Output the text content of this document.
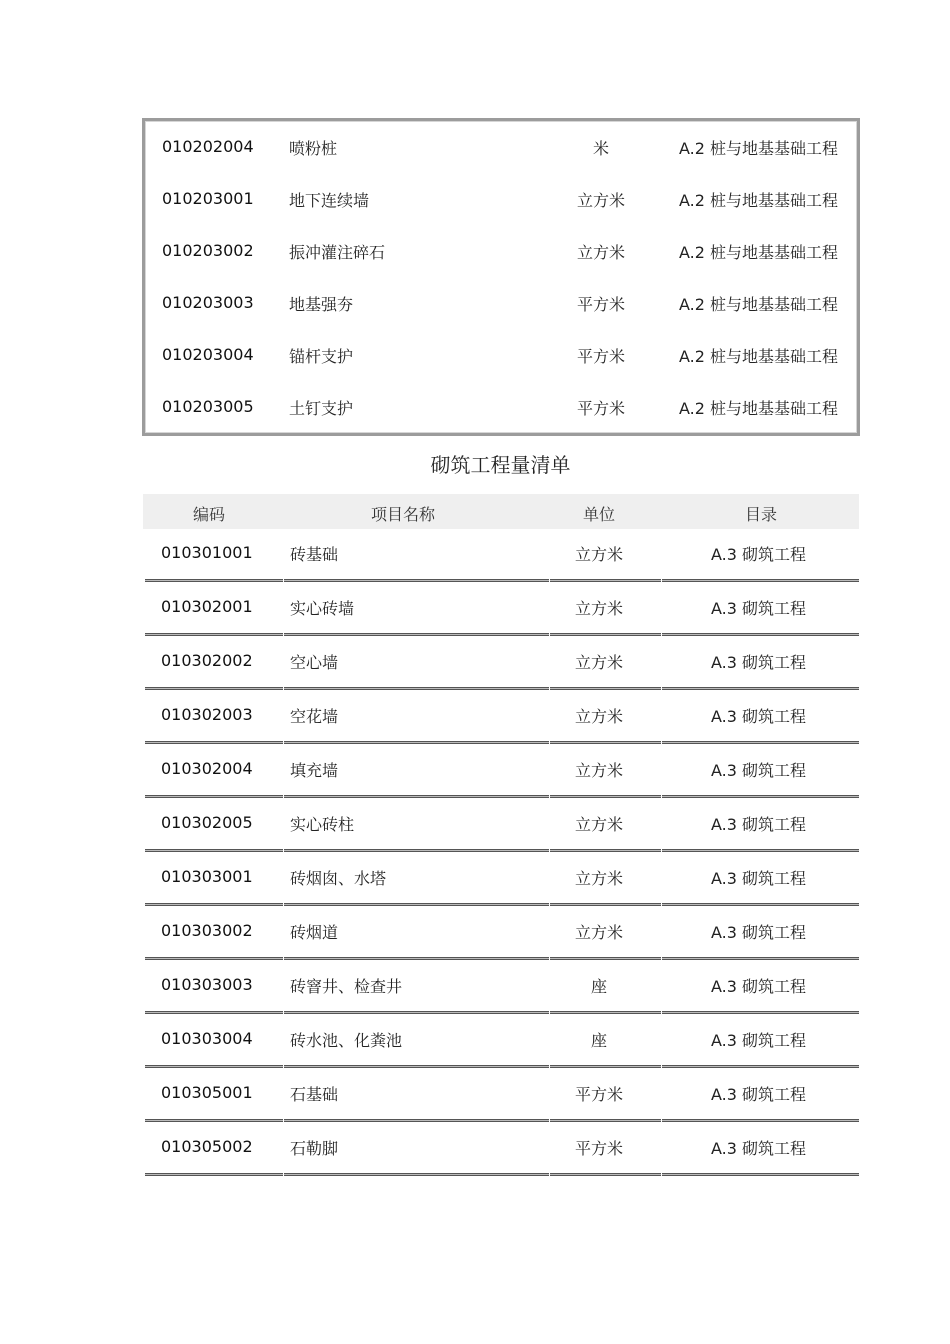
010202004 喷粉桩	米	A.2 桩与地基基础工程
010203001 地下连续墙	立方米	A.2 桩与地基基础工程
010203002 振冲灌注碎石	立方米	A.2 桩与地基基础工程
010203003 地基强夯	平方米	A.2 桩与地基基础工程
010203004 锚杆支护	平方米	A.2 桩与地基基础工程
010203005 土钉支护	平方米	A.2 桩与地基基础工程
砌筑工程量清单
编码	项目名称	单位	目录
010301001 砖基础	立方米	A.3 砌筑工程
010302001 实心砖墙	立方米	A.3 砌筑工程
010302002 空心墙	立方米	A.3 砌筑工程
010302003 空花墙	立方米	A.3 砌筑工程
010302004 填充墙	立方米	A.3 砌筑工程
010302005 实心砖柱	立方米	A.3 砌筑工程
010303001 砖烟囱、水塔	立方米	A.3 砌筑工程
010303002 砖烟道	立方米	A.3 砌筑工程
010303003 砖窨井、检查井	座	A.3 砌筑工程
010303004 砖水池、化粪池	座	A.3 砌筑工程
010305001 石基础	平方米	A.3 砌筑工程
010305002 石勒脚	平方米	A.3 砌筑工程
